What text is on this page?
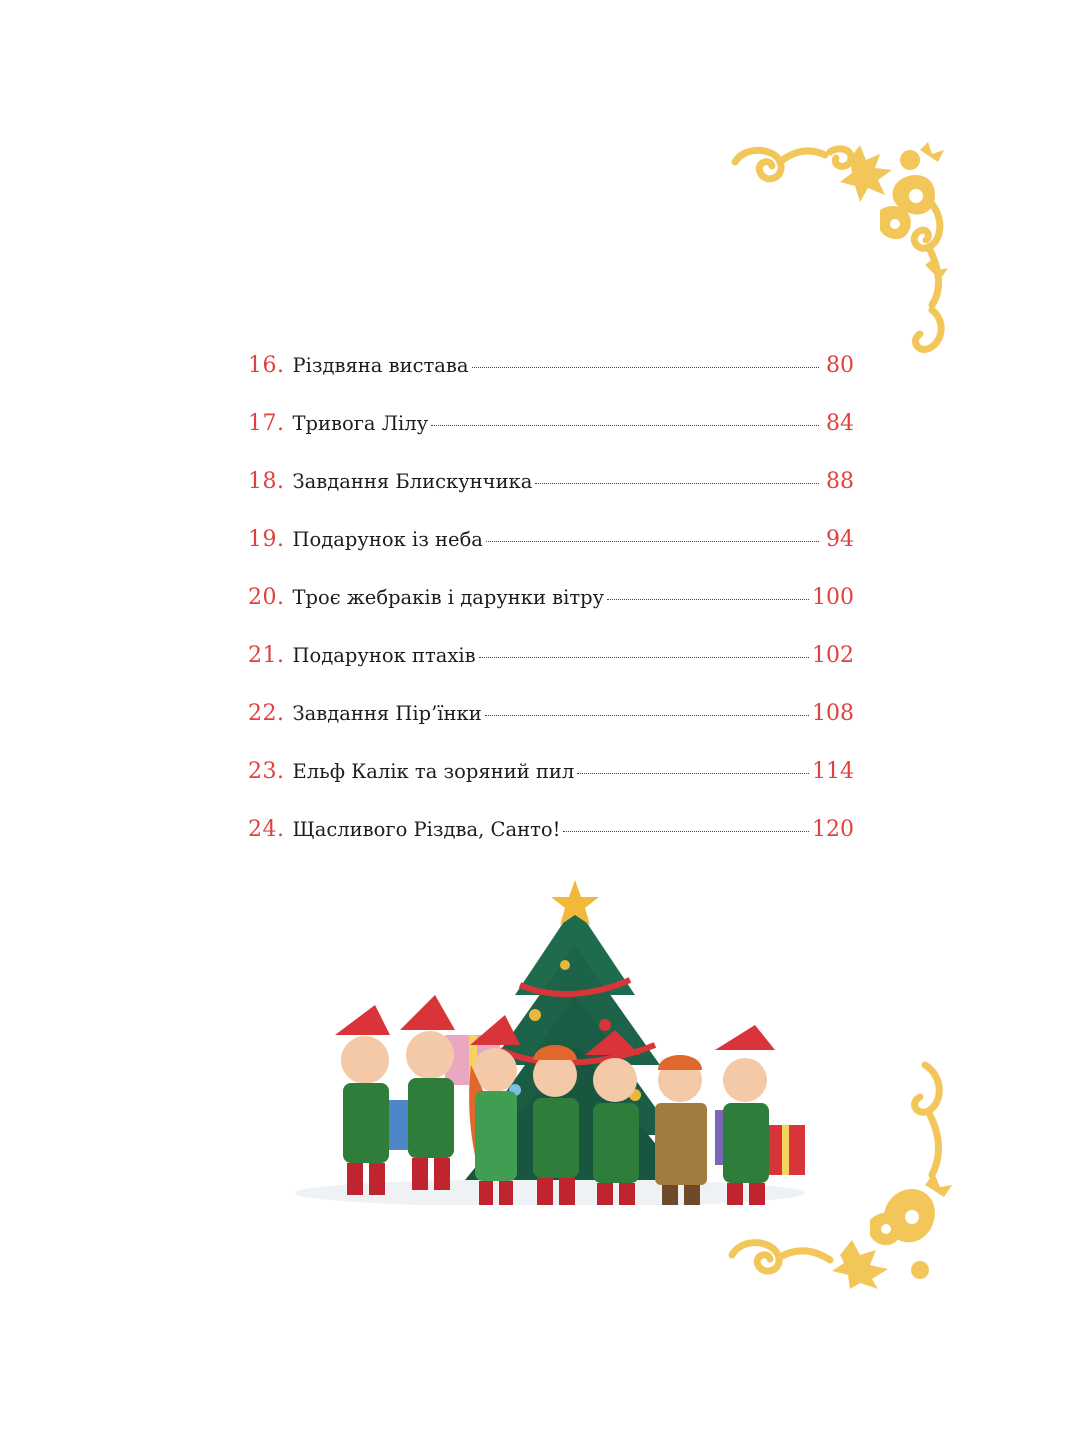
16. Різдвяна вистава	80
17. Тривога Лілу	84
18. Завдання Блискунчика	88
19. Подарунок із неба	94
20. Троє жебраків і дарунки вітру	100
21. Подарунок птахів	102
22. Завдання Пір’їнки	108
23. Ельф Калік та зоряний пил	114
24. Щасливого Різдва, Санто!	120
